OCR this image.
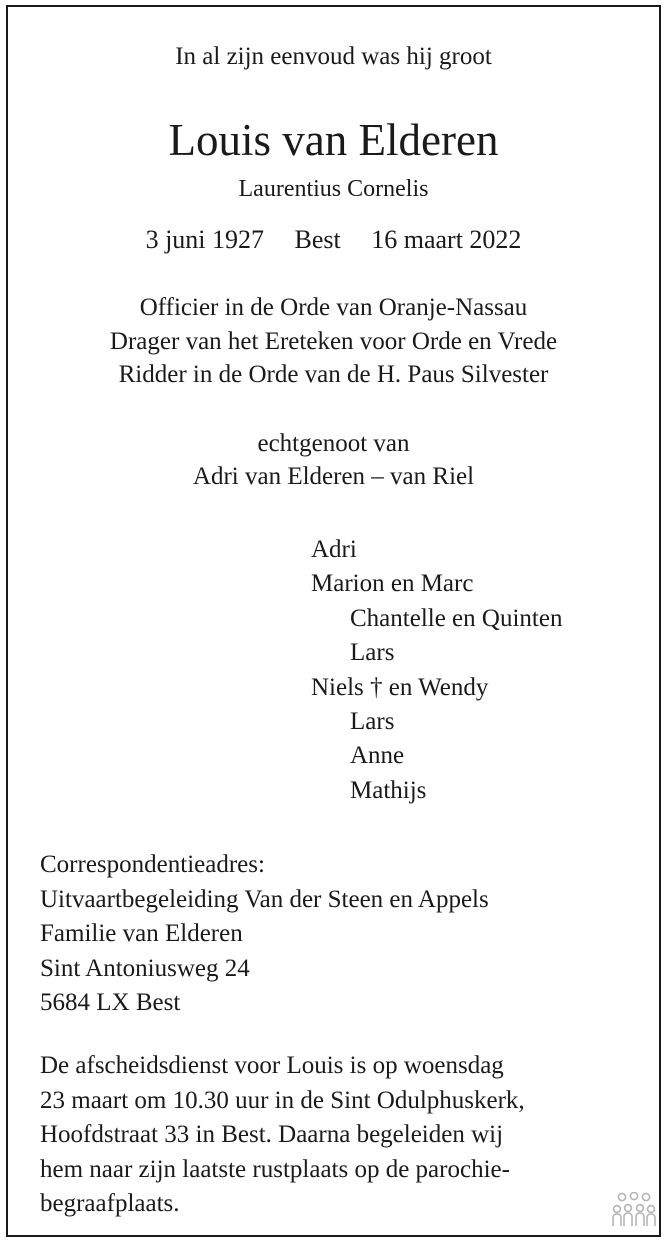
In al zijn eenvoud was hij groot
Louis van Elderen
Laurentius Cornelis
3 juni 1927 Best 16 maart 2022
Officier in de Orde van Oranje-Nassau
Drager van het Ereteken voor Orde en Vrede
Ridder in de Orde van de H. Paus Silvester
echtgenoot van
Adri van Elderen – van Riel
Adri
Marion en Marc
Chantelle en Quinten
Lars
Niels † en Wendy
Lars
Anne
Mathijs
Correspondentieadres:
Uitvaartbegeleiding Van der Steen en Appels
Familie van Elderen
Sint Antoniusweg 24
5684 LX Best
De afscheidsdienst voor Louis is op woensdag
23 maart om 10.30 uur in de Sint Odulphuskerk,
Hoofdstraat 33 in Best. Daarna begeleiden wij
hem naar zijn laatste rustplaats op de parochie-
begraafplaats.
